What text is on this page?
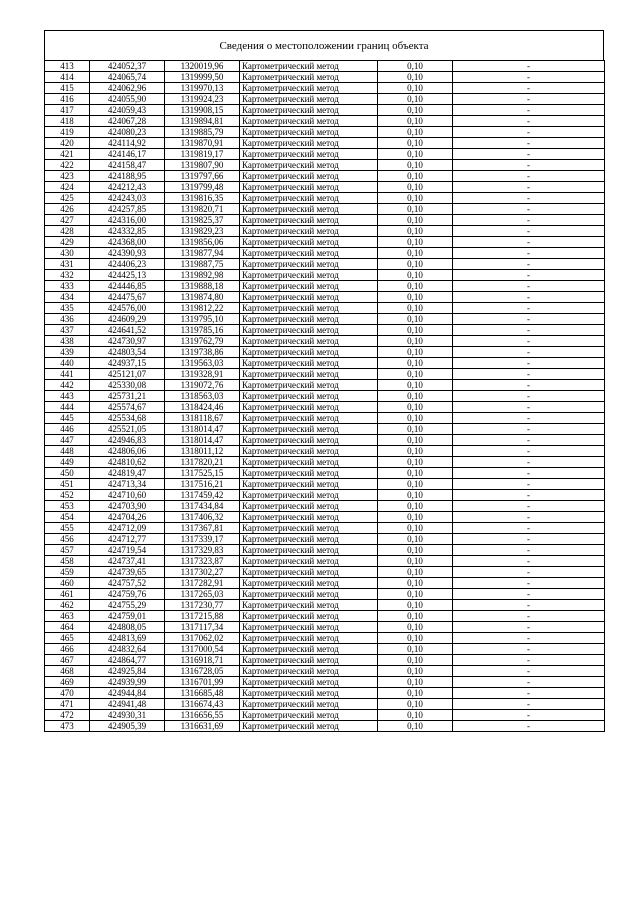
Сведения о местоположении границ объекта
413	424052,37	1320019,96	Картометрический метод	0,10	-
414	424065,74	1319999,50	Картометрический метод	0,10	-
415	424062,96	1319970,13	Картометрический метод	0,10	-
416	424055,90	1319924,23	Картометрический метод	0,10	-
417	424059,43	1319908,15	Картометрический метод	0,10	-
418	424067,28	1319894,81	Картометрический метод	0,10	-
419	424080,23	1319885,79	Картометрический метод	0,10	-
420	424114,92	1319870,91	Картометрический метод	0,10	-
421	424146,17	1319819,17	Картометрический метод	0,10	-
422	424158,47	1319807,90	Картометрический метод	0,10	-
423	424188,95	1319797,66	Картометрический метод	0,10	-
424	424212,43	1319799,48	Картометрический метод	0,10	-
425	424243,03	1319816,35	Картометрический метод	0,10	-
426	424257,85	1319820,71	Картометрический метод	0,10	-
427	424316,00	1319825,37	Картометрический метод	0,10	-
428	424332,85	1319829,23	Картометрический метод	0,10	-
429	424368,00	1319856,06	Картометрический метод	0,10	-
430	424390,93	1319877,94	Картометрический метод	0,10	-
431	424406,23	1319887,75	Картометрический метод	0,10	-
432	424425,13	1319892,98	Картометрический метод	0,10	-
433	424446,85	1319888,18	Картометрический метод	0,10	-
434	424475,67	1319874,80	Картометрический метод	0,10	-
435	424576,00	1319812,22	Картометрический метод	0,10	-
436	424609,29	1319795,10	Картометрический метод	0,10	-
437	424641,52	1319785,16	Картометрический метод	0,10	-
438	424730,97	1319762,79	Картометрический метод	0,10	-
439	424803,54	1319738,86	Картометрический метод	0,10	-
440	424937,15	1319563,03	Картометрический метод	0,10	-
441	425121,07	1319328,91	Картометрический метод	0,10	-
442	425330,08	1319072,76	Картометрический метод	0,10	-
443	425731,21	1318563,03	Картометрический метод	0,10	-
444	425574,67	1318424,46	Картометрический метод	0,10	-
445	425534,68	1318118,67	Картометрический метод	0,10	-
446	425521,05	1318014,47	Картометрический метод	0,10	-
447	424946,83	1318014,47	Картометрический метод	0,10	-
448	424806,06	1318011,12	Картометрический метод	0,10	-
449	424810,62	1317820,21	Картометрический метод	0,10	-
450	424819,47	1317525,15	Картометрический метод	0,10	-
451	424713,34	1317516,21	Картометрический метод	0,10	-
452	424710,60	1317459,42	Картометрический метод	0,10	-
453	424703,90	1317434,84	Картометрический метод	0,10	-
454	424704,26	1317406,32	Картометрический метод	0,10	-
455	424712,09	1317367,81	Картометрический метод	0,10	-
456	424712,77	1317339,17	Картометрический метод	0,10	-
457	424719,54	1317329,83	Картометрический метод	0,10	-
458	424737,41	1317323,87	Картометрический метод	0,10	-
459	424739,65	1317302,27	Картометрический метод	0,10	-
460	424757,52	1317282,91	Картометрический метод	0,10	-
461	424759,76	1317265,03	Картометрический метод	0,10	-
462	424755,29	1317230,77	Картометрический метод	0,10	-
463	424759,01	1317215,88	Картометрический метод	0,10	-
464	424808,05	1317117,34	Картометрический метод	0,10	-
465	424813,69	1317062,02	Картометрический метод	0,10	-
466	424832,64	1317000,54	Картометрический метод	0,10	-
467	424864,77	1316918,71	Картометрический метод	0,10	-
468	424925,84	1316728,05	Картометрический метод	0,10	-
469	424939,99	1316701,99	Картометрический метод	0,10	-
470	424944,84	1316685,48	Картометрический метод	0,10	-
471	424941,48	1316674,43	Картометрический метод	0,10	-
472	424930,31	1316656,55	Картометрический метод	0,10	-
473	424905,39	1316631,69	Картометрический метод	0,10	-
